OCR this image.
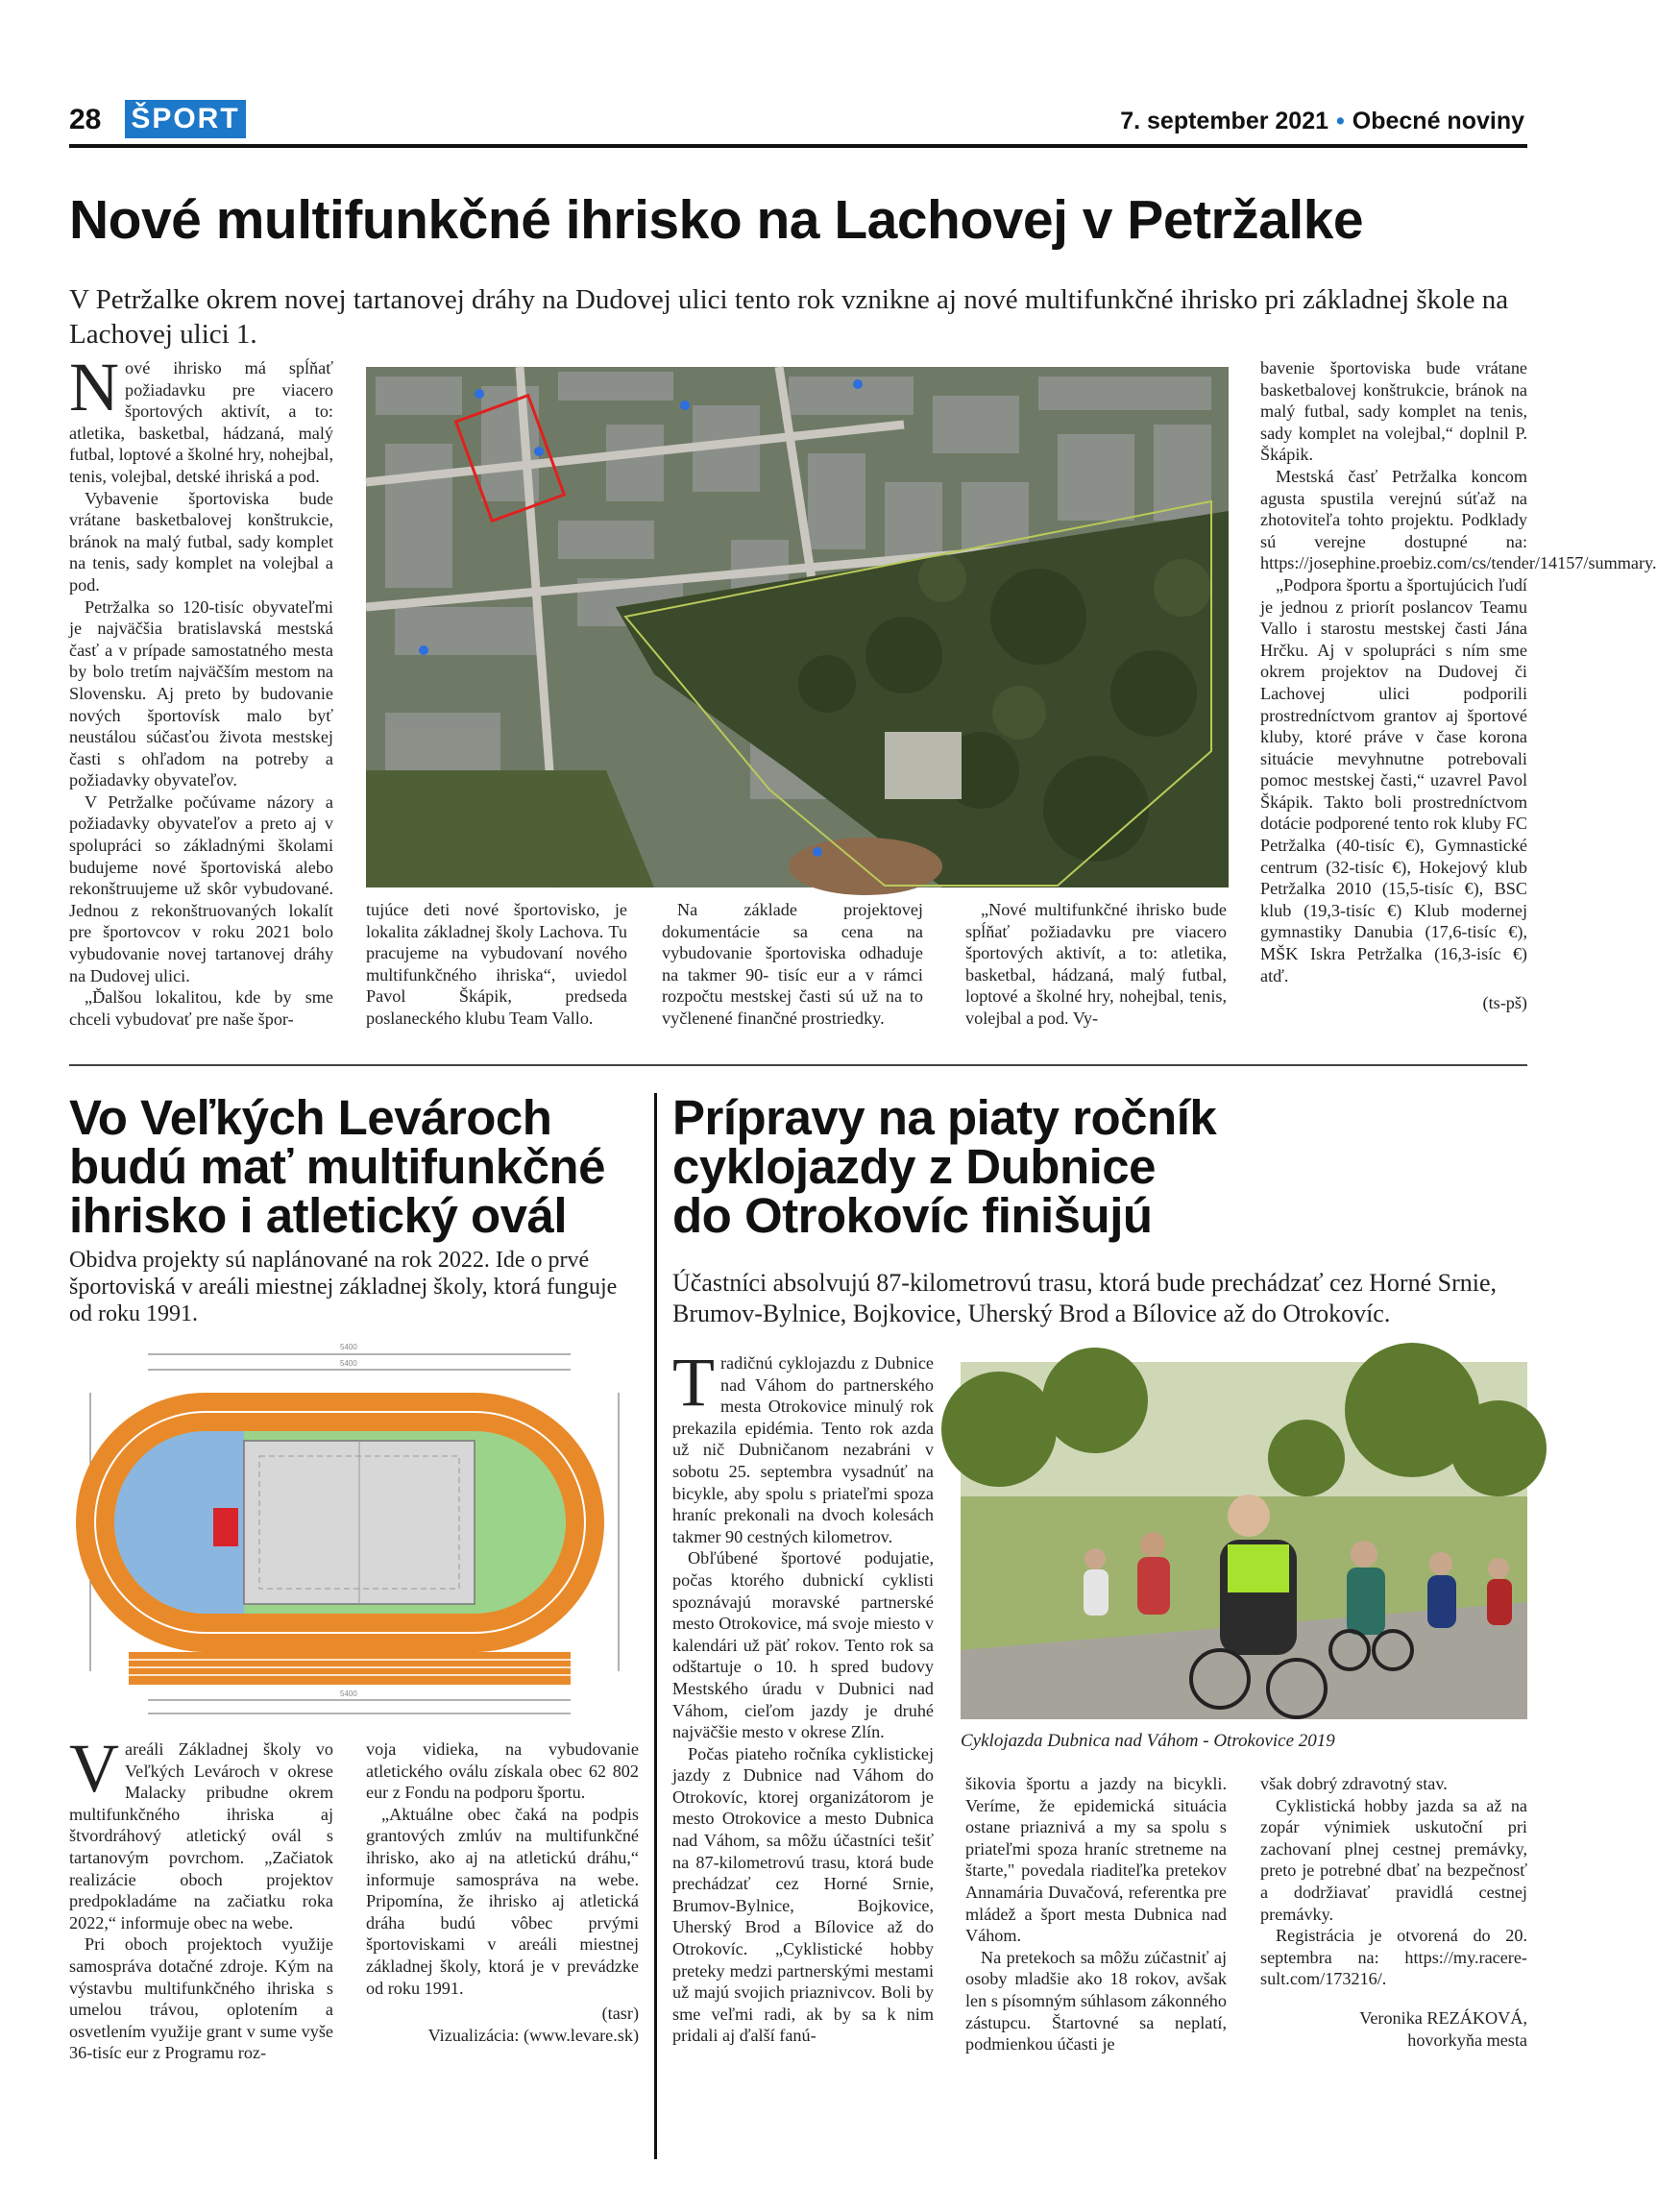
28 ŠPORT	7. september 2021 • Obecné noviny
Nové multifunkčné ihrisko na Lachovej v Petržalke
V Petržalke okrem novej tartanovej dráhy na Dudovej ulici tento rok vznikne aj nové multifunkčné ihrisko pri základnej škole na Lachovej ulici 1.

Nové ihrisko má spĺňať požiadavku pre viacero športových aktivít, a to: atletika, basketbal, hádzaná, malý futbal, loptové a školné hry, nohejbal, tenis, volejbal, detské ihriská a pod.

Vybavenie športoviska bude vrátane basketbalovej konštrukcie, bránok na malý futbal, sady komplet na tenis, sady komplet na volejbal a pod.

Petržalka so 120-tisíc obyvateľmi je najväčšia bratislavská mestská časť a v prípade samostatného mesta by bolo tretím najväčším mestom na Slovensku. Aj preto by budovanie nových športovísk malo byť neustálou súčasťou života mestskej časti s ohľadom na potreby a požiadavky obyvateľov.

V Petržalke počúvame názory a požiadavky obyvateľov a preto aj v spolupráci so základnými školami budujeme nové športoviská alebo rekonštruujeme už skôr vybudované. Jednou z rekonštruovaných lokalít pre športovcov v roku 2021 bolo vybudovanie novej tartanovej dráhy na Dudovej ulici.

„Ďalšou lokalitou, kde by sme chceli vybudovať pre naše špor-

tujúce deti nové športovisko, je lokalita základnej školy Lachova. Tu pracujeme na vybudovaní nového multifunkčného ihriska“, uviedol Pavol Škápik, predseda poslaneckého klubu Team Vallo.

Na základe projektovej dokumentácie sa cena na vybudovanie športoviska odhaduje na takmer 90- tisíc eur a v rámci rozpočtu mestskej časti sú už na to vyčlenené finančné prostriedky.

„Nové multifunkčné ihrisko bude spĺňať požiadavku pre viacero športových aktivít, a to: atletika, basketbal, hádzaná, malý futbal, loptové a školné hry, nohejbal, tenis, volejbal a pod. Vy-

bavenie športoviska bude vrátane basketbalovej konštrukcie, bránok na malý futbal, sady komplet na tenis, sady komplet na volejbal,“ doplnil P. Škápik.

Mestská časť Petržalka koncom agusta spustila verejnú súťaž na zhotoviteľa tohto projektu. Podklady sú verejne dostupné na: https://josephine.proebiz.com/cs/tender/14157/summary.

„Podpora športu a športujúcich ľudí je jednou z priorít poslancov Teamu Vallo i starostu mestskej časti Jána Hrčku. Aj v spolupráci s ním sme okrem projektov na Dudovej či Lachovej ulici podporili prostredníctvom grantov aj športové kluby, ktoré práve v čase korona situácie mevyhnutne potrebovali pomoc mestskej časti,“ uzavrel Pavol Škápik. Takto boli prostredníctvom dotácie podporené tento rok kluby FC Petržalka (40-tisíc €), Gymnastické centrum (32-tisíc €), Hokejový klub Petržalka 2010 (15,5-tisíc €), BSC klub (19,3-tisíc €) Klub modernej gymnastiky Danubia (17,6-tisíc €), MŠK Iskra Petržalka (16,3-isíc €) atď.

(ts-pš)

Vo Veľkých Levároch
budú mať multifunkčné
ihrisko i atletický ovál
Obidva projekty sú naplánované na rok 2022. Ide o prvé športoviská v areáli miestnej základnej školy, ktorá funguje od roku 1991.
5400
5400
5400

Vareáli Základnej školy vo Veľkých Levároch v okrese Malacky pribudne okrem multifunkčného ihriska aj štvordráhový atletický ovál s tartanovým povrchom. „Začiatok realizácie oboch projektov predpokladáme na začiatku roka 2022,“ informuje obec na webe.

Pri oboch projektoch využije samospráva dotačné zdroje. Kým na výstavbu multifunkčného ihriska s umelou trávou, oplotením a osvetlením využije grant v sume vyše 36-tisíc eur z Programu roz-

voja vidieka, na vybudovanie atletického oválu získala obec 62 802 eur z Fondu na podporu športu.

„Aktuálne obec čaká na podpis grantových zmlúv na multifunkčné ihrisko, ako aj na atletickú dráhu,“ informuje samospráva na webe. Pripomína, že ihrisko aj atletická dráha budú vôbec prvými športoviskami v areáli miestnej základnej školy, ktorá je v prevádzke od roku 1991.

(tasr)

Vizualizácia: (www.levare.sk)

Prípravy na piaty ročník
cyklojazdy z Dubnice
do Otrokovíc finišujú
Účastníci absolvujú 87-kilometrovú trasu, ktorá bude prechádzať cez Horné Srnie, Brumov-Bylnice, Bojkovice, Uherský Brod a Bílovice až do Otrokovíc.

Tradičnú cyklojazdu z Dubnice nad Váhom do partnerského mesta Otrokovice minulý rok prekazila epidémia. Tento rok azda už nič Dubničanom nezabráni v sobotu 25. septembra vysadnúť na bicykle, aby spolu s priateľmi spoza hraníc prekonali na dvoch kolesách takmer 90 cestných kilometrov.

Obľúbené športové podujatie, počas ktorého dubnickí cyklisti spoznávajú moravské partnerské mesto Otrokovice, má svoje miesto v kalendári už päť rokov. Tento rok sa odštartuje o 10. h spred budovy Mestského úradu v Dubnici nad Váhom, cieľom jazdy je druhé najväčšie mesto v okrese Zlín.

Počas piateho ročníka cyklistickej jazdy z Dubnice nad Váhom do Otrokovíc, ktorej organizátorom je mesto Otrokovice a mesto Dubnica nad Váhom, sa môžu účastníci tešiť na 87-kilometrovú trasu, ktorá bude prechádzať cez Horné Srnie, Brumov-Bylnice, Bojkovice, Uherský Brod a Bílovice až do Otrokovíc. „Cyklistické hobby preteky medzi partnerskými mestami už majú svojich priaznivcov. Boli by sme veľmi radi, ak by sa k nim pridali aj ďalší fanú-

Cyklojazda Dubnica nad Váhom - Otrokovice 2019

šikovia športu a jazdy na bicykli. Veríme, že epidemická situácia ostane priaznivá a my sa spolu s priateľmi spoza hraníc stretneme na štarte," povedala riaditeľka pretekov Annamária Duvačová, referentka pre mládež a šport mesta Dubnica nad Váhom.

Na pretekoch sa môžu zúčastniť aj osoby mladšie ako 18 rokov, avšak len s písomným súhlasom zákonného zástupcu. Štartovné sa neplatí, podmienkou účasti je

však dobrý zdravotný stav.

Cyklistická hobby jazda sa až na zopár výnimiek uskutoční pri zachovaní plnej cestnej premávky, preto je potrebné dbať na bezpečnosť a dodržiavať pravidlá cestnej premávky.

Registrácia je otvorená do 20. septembra na: https://my.racere-sult.com/173216/.

Veronika REZÁKOVÁ,

hovorkyňa mesta
